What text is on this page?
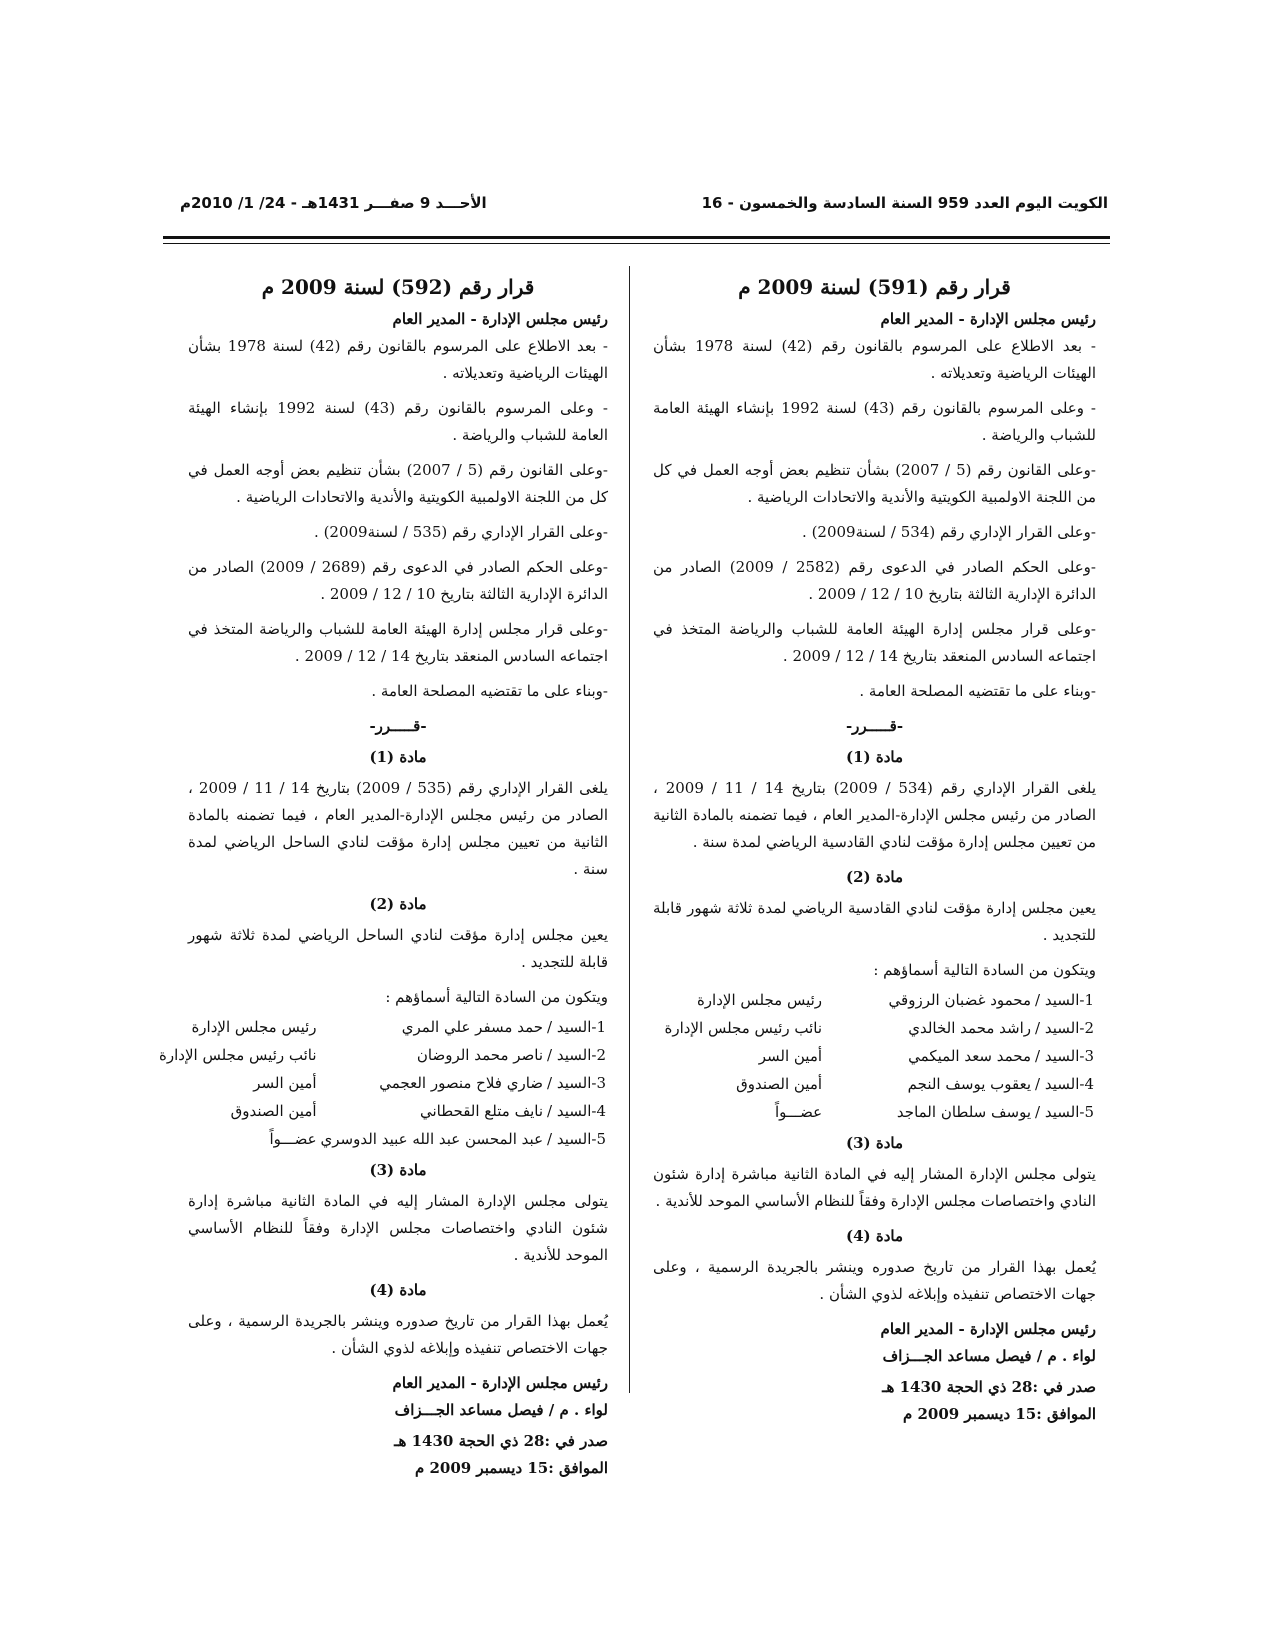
الكويت اليوم العدد 959 السنة السادسة والخمسون - 16
الأحـــد 9 صفـــر 1431هـ - 24/ 1/ 2010م
قرار رقم (591) لسنة 2009 م
رئيس مجلس الإدارة - المدير العام

- بعد الاطلاع على المرسوم بالقانون رقم (42) لسنة 1978 بشأن الهيئات الرياضية وتعديلاته .

- وعلى المرسوم بالقانون رقم (43) لسنة 1992 بإنشاء الهيئة العامة للشباب والرياضة .

-وعلى القانون رقم (5 / 2007) بشأن تنظيم بعض أوجه العمل في كل من اللجنة الاولمبية الكويتية والأندية والاتحادات الرياضية .

-وعلى القرار الإداري رقم (534 / لسنة2009) .

-وعلى الحكم الصادر في الدعوى رقم (2582 / 2009) الصادر من الدائرة الإدارية الثالثة بتاريخ 10 / 12 / 2009 .

-وعلى قرار مجلس إدارة الهيئة العامة للشباب والرياضة المتخذ في اجتماعه السادس المنعقد بتاريخ 14 / 12 / 2009 .

-وبناء على ما تقتضيه المصلحة العامة .

-قـــــرر-
مادة (1)

يلغى القرار الإداري رقم (534 / 2009) بتاريخ 14 / 11 / 2009 ، الصادر من رئيس مجلس الإدارة-المدير العام ، فيما تضمنه بالمادة الثانية من تعيين مجلس إدارة مؤقت لنادي القادسية الرياضي لمدة سنة .

مادة (2)

يعين مجلس إدارة مؤقت لنادي القادسية الرياضي لمدة ثلاثة شهور قابلة للتجديد .

ويتكون من السادة التالية أسماؤهم :
1-السيد /	محمود غضبان الرزوقي	رئيس مجلس الإدارة
2-السيد /	راشد محمد الخالدي	نائب رئيس مجلس الإدارة
3-السيد /	محمد سعد الميكمي	أمين السر
4-السيد /	يعقوب يوسف النجم	أمين الصندوق
5-السيد /	يوسف سلطان الماجد	عضـــواً
مادة (3)

يتولى مجلس الإدارة المشار إليه في المادة الثانية مباشرة إدارة شئون النادي واختصاصات مجلس الإدارة وفقاً للنظام الأساسي الموحد للأندية .

مادة (4)

يُعمل بهذا القرار من تاريخ صدوره وينشر بالجريدة الرسمية ، وعلى جهات الاختصاص تنفيذه وإبلاغه لذوي الشأن .

رئيس مجلس الإدارة - المدير العام
لواء . م / فيصل مساعد الجـــزاف
صدر في :28 ذي الحجة 1430 هـ
الموافق :15 ديسمبر 2009 م
قرار رقم (592) لسنة 2009 م
رئيس مجلس الإدارة - المدير العام

- بعد الاطلاع على المرسوم بالقانون رقم (42) لسنة 1978 بشأن الهيئات الرياضية وتعديلاته .

- وعلى المرسوم بالقانون رقم (43) لسنة 1992 بإنشاء الهيئة العامة للشباب والرياضة .

-وعلى القانون رقم (5 / 2007) بشأن تنظيم بعض أوجه العمل في كل من اللجنة الاولمبية الكويتية والأندية والاتحادات الرياضية .

-وعلى القرار الإداري رقم (535 / لسنة2009) .

-وعلى الحكم الصادر في الدعوى رقم (2689 / 2009) الصادر من الدائرة الإدارية الثالثة بتاريخ 10 / 12 / 2009 .

-وعلى قرار مجلس إدارة الهيئة العامة للشباب والرياضة المتخذ في اجتماعه السادس المنعقد بتاريخ 14 / 12 / 2009 .

-وبناء على ما تقتضيه المصلحة العامة .

-قـــــرر-
مادة (1)

يلغى القرار الإداري رقم (535 / 2009) بتاريخ 14 / 11 / 2009 ، الصادر من رئيس مجلس الإدارة-المدير العام ، فيما تضمنه بالمادة الثانية من تعيين مجلس إدارة مؤقت لنادي الساحل الرياضي لمدة سنة .

مادة (2)

يعين مجلس إدارة مؤقت لنادي الساحل الرياضي لمدة ثلاثة شهور قابلة للتجديد .

ويتكون من السادة التالية أسماؤهم :
1-السيد /	حمد مسفر علي المري	رئيس مجلس الإدارة
2-السيد /	ناصر محمد الروضان	نائب رئيس مجلس الإدارة
3-السيد /	ضاري فلاح منصور العجمي	أمين السر
4-السيد /	نايف متلع القحطاني	أمين الصندوق
5-السيد /	عبد المحسن عبد الله عبيد الدوسري	عضـــواً
مادة (3)

يتولى مجلس الإدارة المشار إليه في المادة الثانية مباشرة إدارة شئون النادي واختصاصات مجلس الإدارة وفقاً للنظام الأساسي الموحد للأندية .

مادة (4)

يُعمل بهذا القرار من تاريخ صدوره وينشر بالجريدة الرسمية ، وعلى جهات الاختصاص تنفيذه وإبلاغه لذوي الشأن .

رئيس مجلس الإدارة - المدير العام
لواء . م / فيصل مساعد الجـــزاف
صدر في :28 ذي الحجة 1430 هـ
الموافق :15 ديسمبر 2009 م
